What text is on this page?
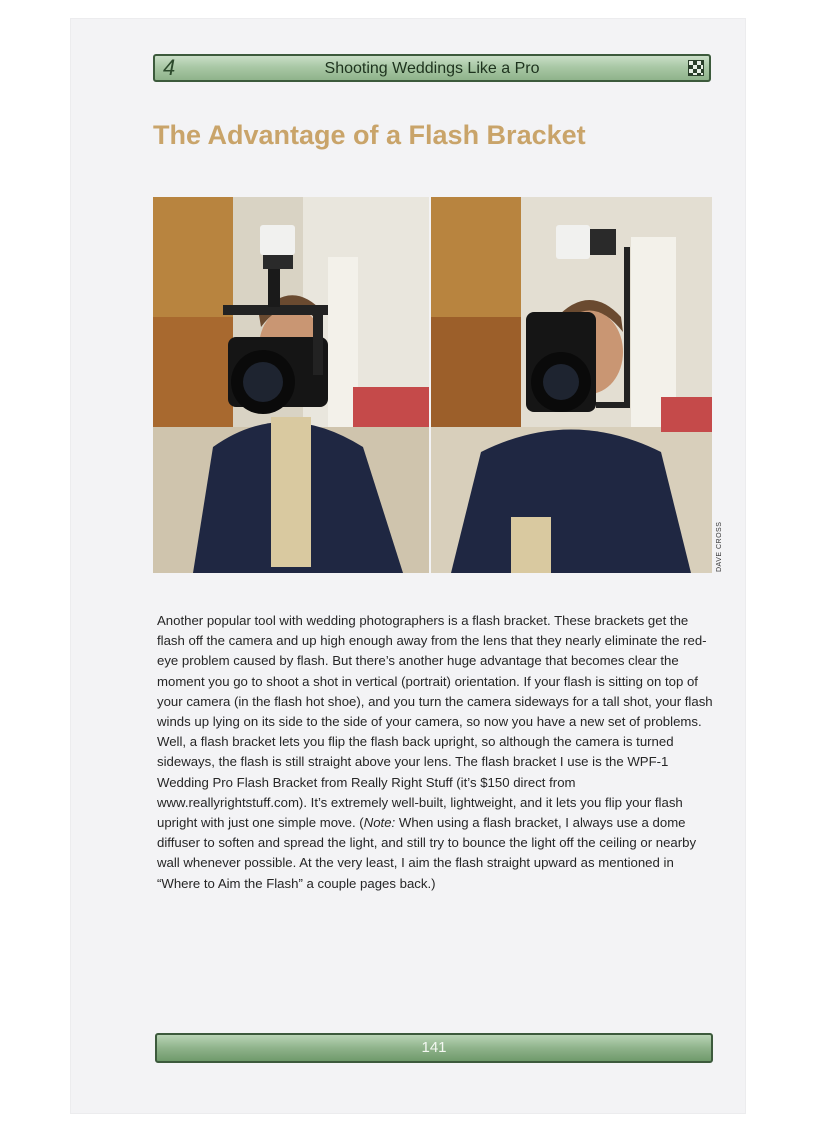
4	Shooting Weddings Like a Pro
The Advantage of a Flash Bracket
DAVE CROSS

Another popular tool with wedding photographers is a flash bracket. These brackets get the flash off the camera and up high enough away from the lens that they nearly eliminate the red-eye problem caused by flash. But there’s another huge advantage that becomes clear the moment you go to shoot a shot in vertical (portrait) orientation. If your flash is sitting on top of your camera (in the flash hot shoe), and you turn the camera sideways for a tall shot, your flash winds up lying on its side to the side of your camera, so now you have a new set of problems. Well, a flash bracket lets you flip the flash back upright, so although the camera is turned sideways, the flash is still straight above your lens. The flash bracket I use is the WPF-1 Wedding Pro Flash Bracket from Really Right Stuff (it’s $150 direct from www.reallyrightstuff.com). It’s extremely well-built, lightweight, and it lets you flip your flash upright with just one simple move. (Note: When using a flash bracket, I always use a dome diffuser to soften and spread the light, and still try to bounce the light off the ceiling or nearby wall whenever possible. At the very least, I aim the flash straight upward as mentioned in “Where to Aim the Flash” a couple pages back.)

141
